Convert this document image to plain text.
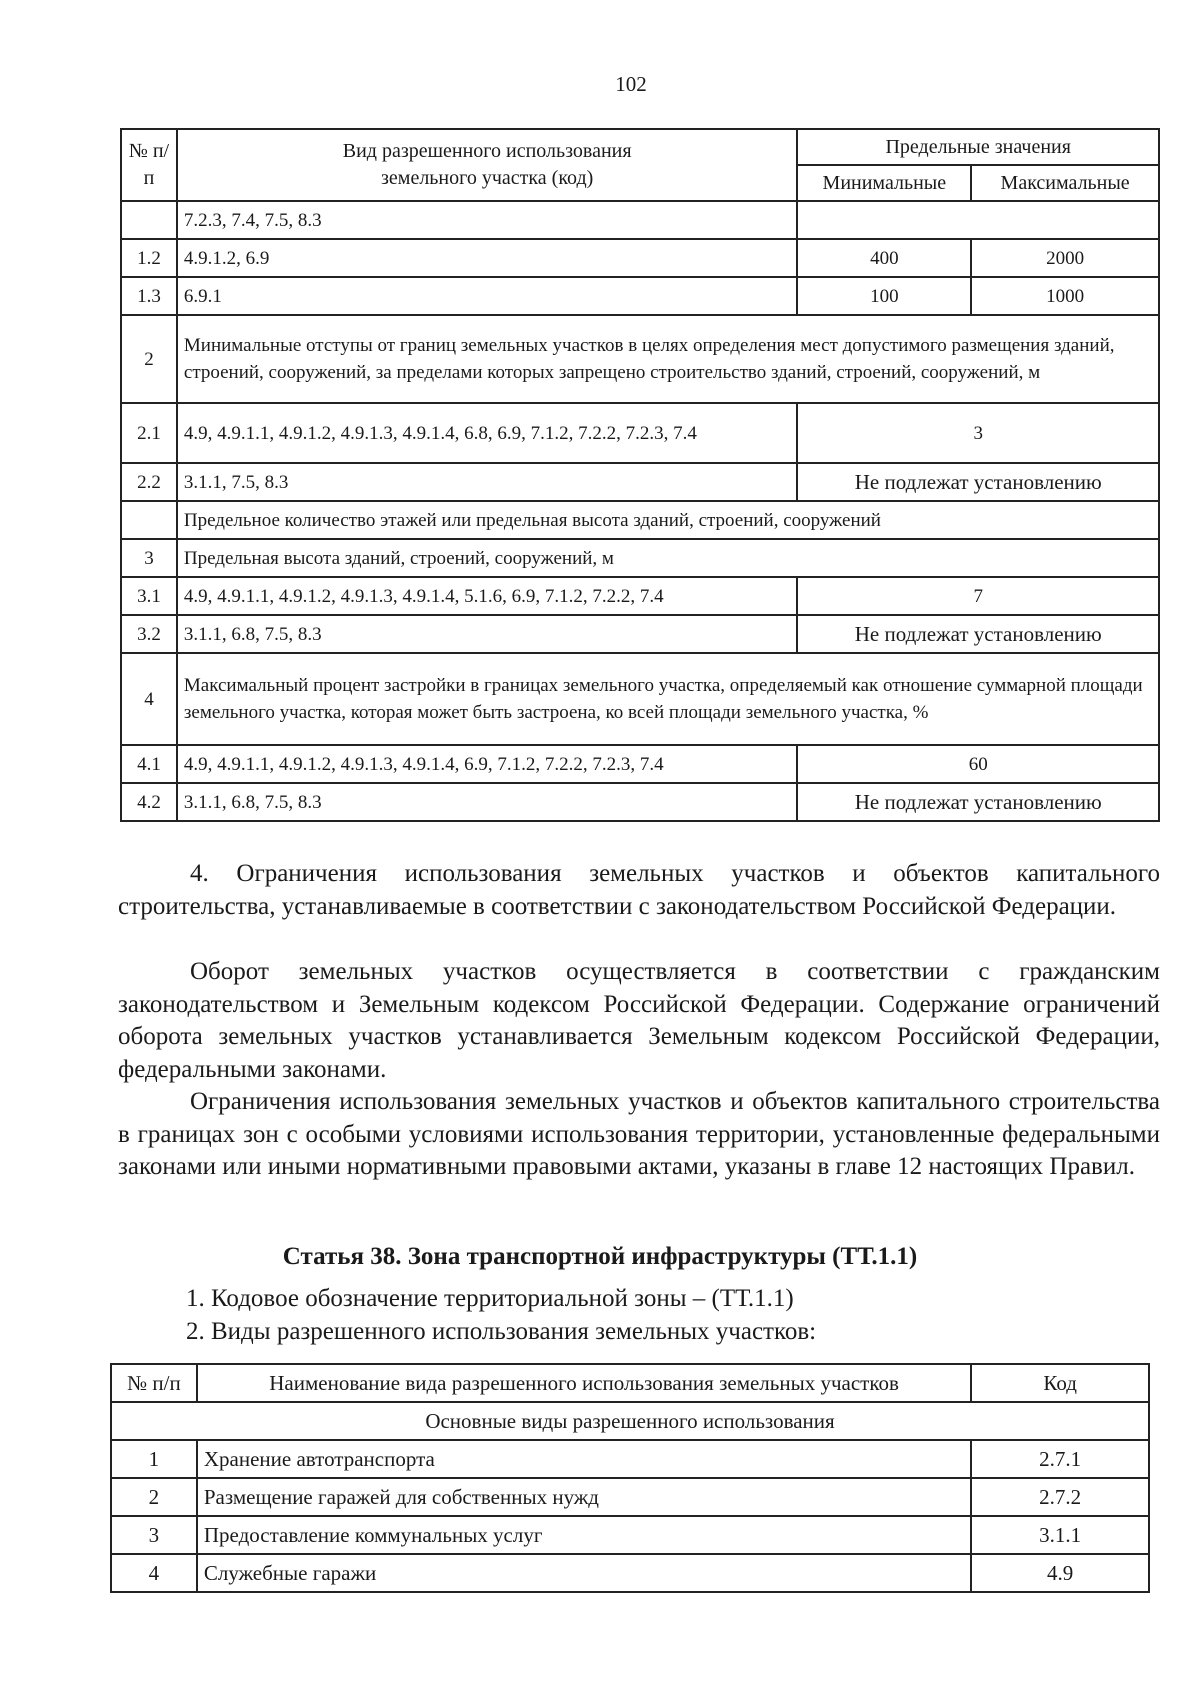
102
№ п/п	Вид разрешенного использования земельного участка (код)	Предельные значения	
		Минимальные	Максимальные
	7.2.3, 7.4, 7.5, 8.3		
1.2	4.9.1.2, 6.9	400	2000
1.3	6.9.1	100	1000
2	Минимальные отступы от границ земельных участков в целях определения мест допустимого размещения зданий, строений, сооружений, за пределами которых запрещено строительство зданий, строений, сооружений, м		
2.1	4.9, 4.9.1.1, 4.9.1.2, 4.9.1.3, 4.9.1.4, 6.8, 6.9, 7.1.2, 7.2.2, 7.2.3, 7.4	3	
2.2	3.1.1, 7.5, 8.3	Не подлежат установлению	
	Предельное количество этажей или предельная высота зданий, строений, сооружений		
3	Предельная высота зданий, строений, сооружений, м		
3.1	4.9, 4.9.1.1, 4.9.1.2, 4.9.1.3, 4.9.1.4, 5.1.6, 6.9, 7.1.2, 7.2.2, 7.4	7	
3.2	3.1.1, 6.8, 7.5, 8.3	Не подлежат установлению	
4	Максимальный процент застройки в границах земельного участка, определяемый как отношение суммарной площади земельного участка, которая может быть застроена, ко всей площади земельного участка, %		
4.1	4.9, 4.9.1.1, 4.9.1.2, 4.9.1.3, 4.9.1.4, 6.9, 7.1.2, 7.2.2, 7.2.3, 7.4	60	
4.2	3.1.1, 6.8, 7.5, 8.3	Не подлежат установлению	
4. Ограничения использования земельных участков и объектов капитального строительства, устанавливаемые в соответствии с законодательством Российской Федерации.
Оборот земельных участков осуществляется в соответствии с гражданским законодательством и Земельным кодексом Российской Федерации. Содержание ограничений оборота земельных участков устанавливается Земельным кодексом Российской Федерации, федеральными законами.
Ограничения использования земельных участков и объектов капитального строительства в границах зон с особыми условиями использования территории, установленные федеральными законами или иными нормативными правовыми актами, указаны в главе 12 настоящих Правил.
Статья 38. Зона транспортной инфраструктуры (ТТ.1.1)
1. Кодовое обозначение территориальной зоны – (ТТ.1.1)
2. Виды разрешенного использования земельных участков:
№ п/п	Наименование вида разрешенного использования земельных участков	Код
Основные виды разрешенного использования		
1	Хранение автотранспорта	2.7.1
2	Размещение гаражей для собственных нужд	2.7.2
3	Предоставление коммунальных услуг	3.1.1
4	Служебные гаражи	4.9
